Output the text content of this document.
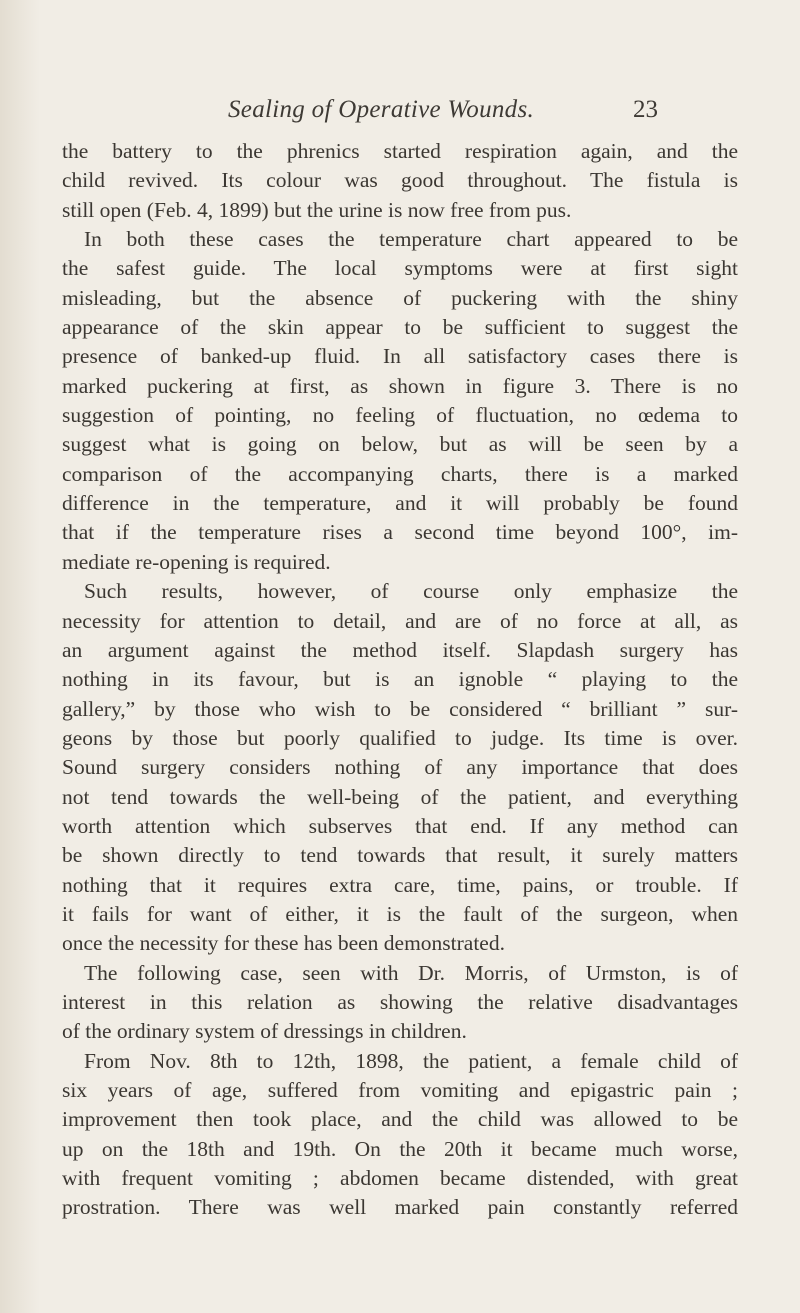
Sealing of Operative Wounds.	23
the battery to the phrenics started respiration again, and the
child revived. Its colour was good throughout. The fistula is
still open (Feb. 4, 1899) but the urine is now free from pus.
In both these cases the temperature chart appeared to be
the safest guide. The local symptoms were at first sight
misleading, but the absence of puckering with the shiny
appearance of the skin appear to be sufficient to suggest the
presence of banked-up fluid. In all satisfactory cases there is
marked puckering at first, as shown in figure 3. There is no
suggestion of pointing, no feeling of fluctuation, no œdema to
suggest what is going on below, but as will be seen by a
comparison of the accompanying charts, there is a marked
difference in the temperature, and it will probably be found
that if the temperature rises a second time beyond 100°, im-
mediate re-opening is required.
Such results, however, of course only emphasize the
necessity for attention to detail, and are of no force at all, as
an argument against the method itself. Slapdash surgery has
nothing in its favour, but is an ignoble “ playing to the
gallery,” by those who wish to be considered “ brilliant ” sur-
geons by those but poorly qualified to judge. Its time is over.
Sound surgery considers nothing of any importance that does
not tend towards the well-being of the patient, and everything
worth attention which subserves that end. If any method can
be shown directly to tend towards that result, it surely matters
nothing that it requires extra care, time, pains, or trouble. If
it fails for want of either, it is the fault of the surgeon, when
once the necessity for these has been demonstrated.
The following case, seen with Dr. Morris, of Urmston, is of
interest in this relation as showing the relative disadvantages
of the ordinary system of dressings in children.
From Nov. 8th to 12th, 1898, the patient, a female child of
six years of age, suffered from vomiting and epigastric pain ;
improvement then took place, and the child was allowed to be
up on the 18th and 19th. On the 20th it became much worse,
with frequent vomiting ; abdomen became distended, with great
prostration. There was well marked pain constantly referred
